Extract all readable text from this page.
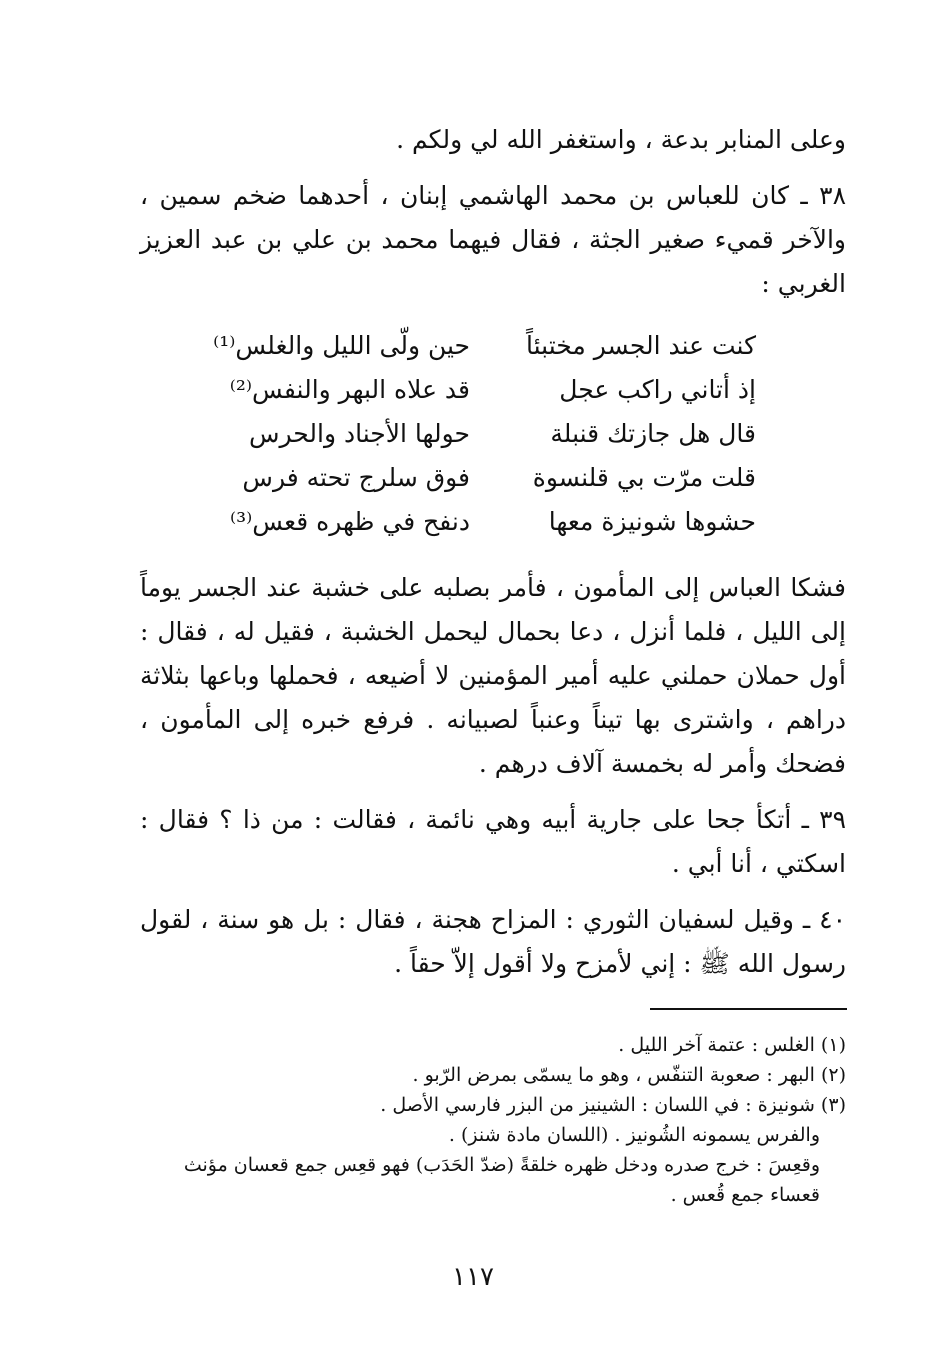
وعلى المنابر بدعة ، واستغفر الله لي ولكم .

٣٨ ـ كان للعباس بن محمد الهاشمي إبنان ، أحدهما ضخم سمين ، والآخر قميء صغير الجثة ، فقال فيهما محمد بن علي بن عبد العزيز الغربي :

كنت عند الجسر مختبئاً
حين ولّى الليل والغلس⁽¹⁾
إذ أتاني راكب عجل
قد علاه البهر والنفس⁽²⁾
قال هل جازتك قنبلة
حولها الأجناد والحرس
قلت مرّت بي قلنسوة
فوق سلرج تحته فرس
حشوها شونيزة معها
دنفح في ظهره قعس⁽³⁾

فشكا العباس إلى المأمون ، فأمر بصلبه على خشبة عند الجسر يوماً إلى الليل ، فلما أنزل ، دعا بحمال ليحمل الخشبة ، فقيل له ، فقال : أول حملان حملني عليه أمير المؤمنين لا أضيعه ، فحملها وباعها بثلاثة دراهم ، واشترى بها تيناً وعنباً لصبيانه . فرفع خبره إلى المأمون ، فضحك وأمر له بخمسة آلاف درهم .

٣٩ ـ أتكأ جحا على جارية أبيه وهي نائمة ، فقالت : من ذا ؟ فقال : اسكتي ، أنا أبي .

٤٠ ـ وقيل لسفيان الثوري : المزاح هجنة ، فقال : بل هو سنة ، لقول رسول الله ﷺ : إني لأمزح ولا أقول إلاّ حقاً .

(١) الغلس : عتمة آخر الليل .

(٢) البهر : صعوبة التنفّس ، وهو ما يسمّى بمرض الرّبو .

(٣) شونيزة : في اللسان : الشينيز من البزر فارسي الأصل .

والفرس يسمونه الشُونيز . (اللسان مادة شنز) .

وقعِسَ : خرج صدره ودخل ظهره خلقةً (ضدّ الحَدَب) فهو قعِس جمع قعسان مؤنث

قعساء جمع قُعس .

١١٧
